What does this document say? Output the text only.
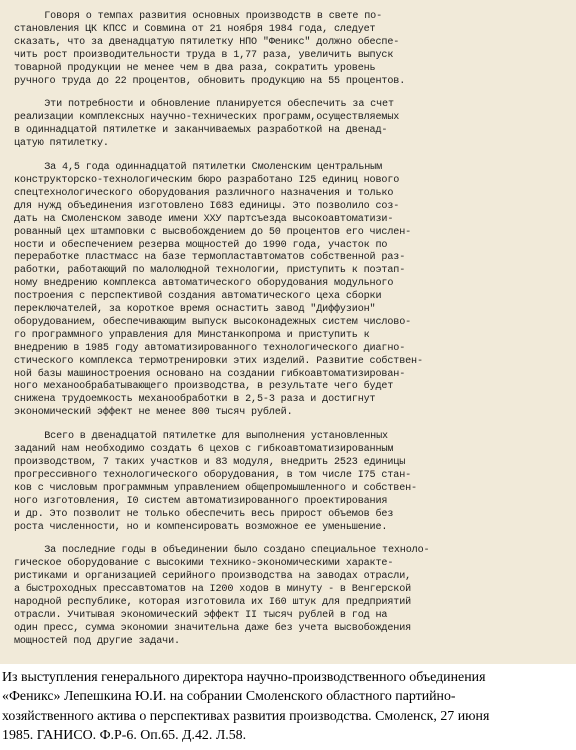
Говоря о темпах развития основных производств в свете по-
становления ЦК КПСС и Совмина от 21 ноября 1984 года, следует
сказать, что за двенадцатую пятилетку НПО "Феникс" должно обеспе-
чить рост производительности труда в 1,77 раза, увеличить выпуск
товарной продукции не менее чем в два раза, сократить уровень
ручного труда до 22 процентов, обновить продукцию на 55 процентов.
Эти потребности и обновление планируется обеспечить за счет
реализации комплексных научно-технических программ,осуществляемых
в одиннадцатой пятилетке и заканчиваемых разработкой на двенад-
цатую пятилетку.
За 4,5 года одиннадцатой пятилетки Смоленским центральным
конструкторско-технологическим бюро разработано I25 единиц нового
спецтехнологического оборудования различного назначения и только
для нужд объединения изготовлено I683 единицы. Это позволило соз-
дать на Смоленском заводе имени XXУ партсъезда высокоавтоматизи-
рованный цех штамповки с высвобождением до 50 процентов его числен-
ности и обеспечением резерва мощностей до 1990 года, участок по
переработке пластмасс на базе термопластавтоматов собственной раз-
работки, работающий по малолюдной технологии, приступить к поэтап-
ному внедрению комплекса автоматического оборудования модульного
построения с перспективой создания автоматического цеха сборки
переключателей, за короткое время оснастить завод "Диффузион"
оборудованием, обеспечивающим выпуск высоконадежных систем числово-
го программного управления для Минстанкопрома и приступить к
внедрению в 1985 году автоматизированного технологического диагно-
стического комплекса термотренировки этих изделий. Развитие собствен-
ной базы машиностроения основано на создании гибкоавтоматизирован-
ного механообрабатывающего производства, в результате чего будет
снижена трудоемкость механообработки в 2,5-3 раза и достигнут
экономический эффект не менее 800 тысяч рублей.
Всего в двенадцатой пятилетке для выполнения установленных
заданий нам необходимо создать 6 цехов с гибкоавтоматизированным
производством, 7 таких участков и 83 модуля, внедрить 2523 единицы
прогрессивного технологического оборудования, в том числе I75 стан-
ков с числовым программным управлением общепромышленного и собствен-
ного изготовления, I0 систем автоматизированного проектирования
и др. Это позволит не только обеспечить весь прирост объемов без
роста численности, но и компенсировать возможное ее уменьшение.
За последние годы в объединении было создано специальное техноло-
гическое оборудование с высокими технико-экономическими характе-
ристиками и организацией серийного производства на заводах отрасли,
а быстроходных прессавтоматов на I200 ходов в минуту - в Венгерской
народной республике, которая изготовила их I60 штук для предприятий
отрасли. Учитывая экономический эффект II тысяч рублей в год на
один пресс, сумма экономии значительна даже без учета высвобождения
мощностей под другие задачи.
Из выступления генерального директора научно-производственного объединения
«Феникс» Лепешкина Ю.И. на собрании Смоленского областного партийно-
хозяйственного актива о перспективах развития производства. Смоленск, 27 июня
1985. ГАНИСО. Ф.Р-6. Оп.65. Д.42. Л.58.
